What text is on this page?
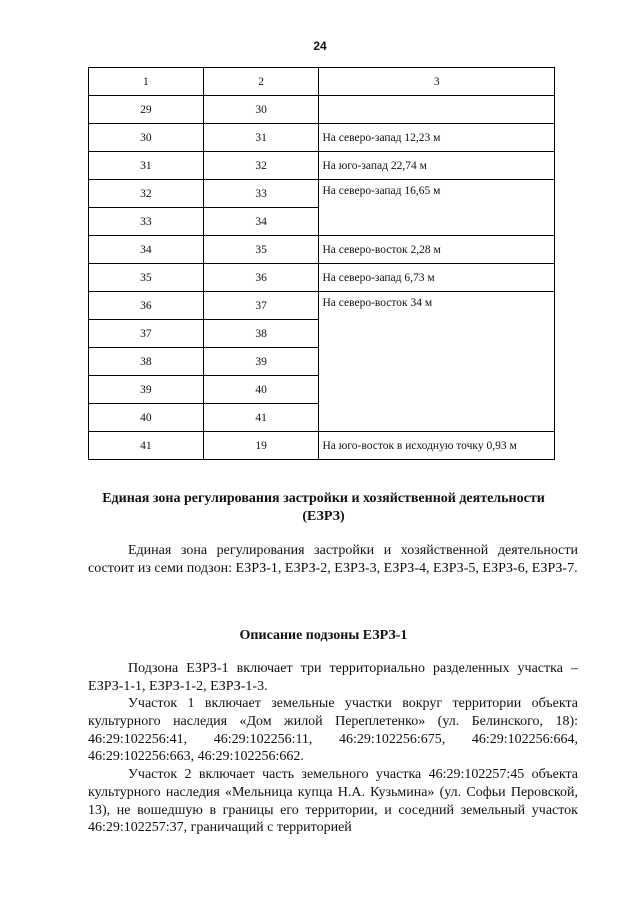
24
1	2	3
29	30	
30	31	На северо-запад 12,23 м
31	32	На юго-запад 22,74 м
32	33	На северо-запад 16,65 м
33	34	
34	35	На северо-восток 2,28 м
35	36	На северо-запад 6,73 м
36	37	На северо-восток 34 м
37	38	
38	39	
39	40	
40	41	
41	19	На юго-восток в исходную точку 0,93 м
Единая зона регулирования застройки и хозяйственной деятельности
(ЕЗРЗ)
Единая зона регулирования застройки и хозяйственной деятельности состоит из семи подзон: ЕЗРЗ-1, ЕЗРЗ-2, ЕЗРЗ-3, ЕЗРЗ-4, ЕЗРЗ-5, ЕЗРЗ-6, ЕЗРЗ-7.
Описание подзоны ЕЗРЗ-1
Подзона ЕЗРЗ-1 включает три территориально разделенных участка – ЕЗРЗ-1-1, ЕЗРЗ-1-2, ЕЗРЗ-1-3.
Участок 1 включает земельные участки вокруг территории объекта культурного наследия «Дом жилой Переплетенко» (ул. Белинского, 18): 46:29:102256:41, 46:29:102256:11, 46:29:102256:675, 46:29:102256:664, 46:29:102256:663, 46:29:102256:662.
Участок 2 включает часть земельного участка 46:29:102257:45 объекта культурного наследия «Мельница купца Н.А. Кузьмина» (ул. Софьи Перовской, 13), не вошедшую в границы его территории, и соседний земельный участок 46:29:102257:37, граничащий с территорией
